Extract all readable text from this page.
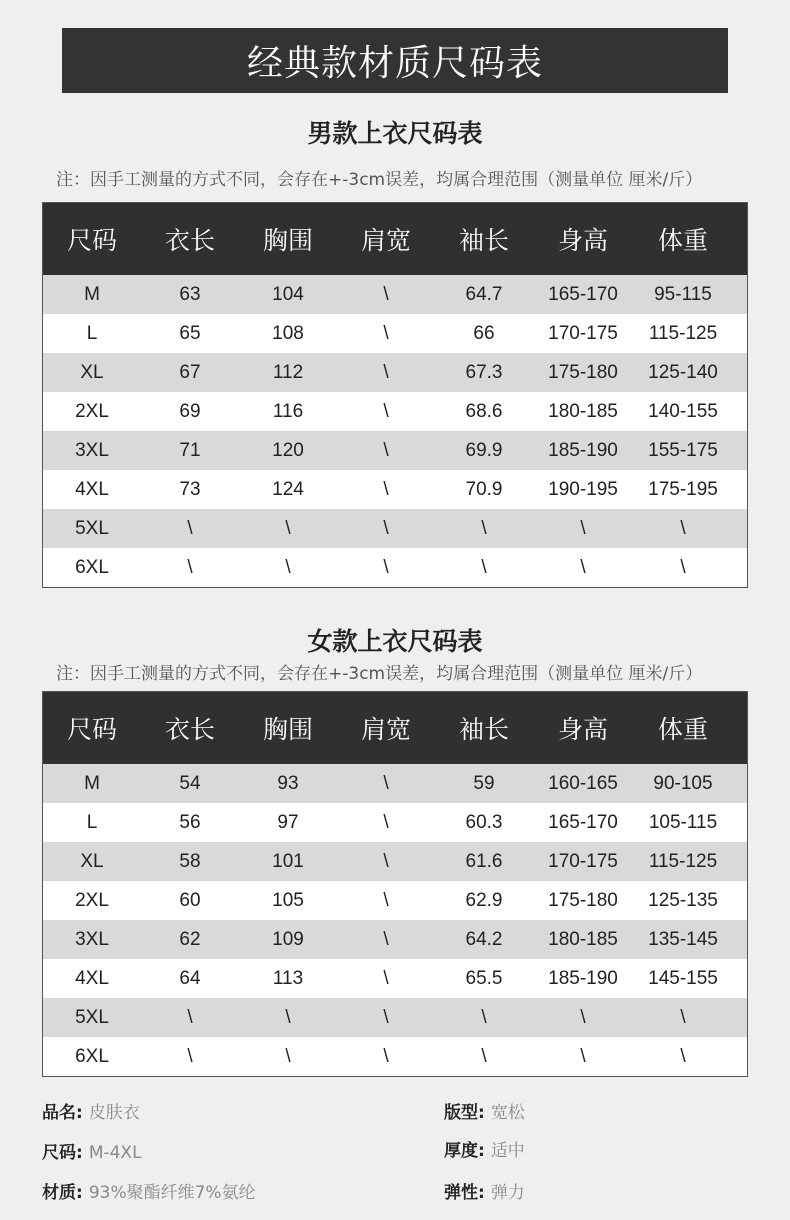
经典款材质尺码表
男款上衣尺码表
注：因手工测量的方式不同，会存在+-3cm误差，均属合理范围（测量单位 厘米/斤）
尺码	衣长	胸围	肩宽	袖长	身高	体重
M	63	104	\	64.7	165-170	95-115
L	65	108	\	66	170-175	115-125
XL	67	112	\	67.3	175-180	125-140
2XL	69	116	\	68.6	180-185	140-155
3XL	71	120	\	69.9	185-190	155-175
4XL	73	124	\	70.9	190-195	175-195
5XL	\	\	\	\	\	\
6XL	\	\	\	\	\	\
女款上衣尺码表
注：因手工测量的方式不同，会存在+-3cm误差，均属合理范围（测量单位 厘米/斤）
尺码	衣长	胸围	肩宽	袖长	身高	体重
M	54	93	\	59	160-165	90-105
L	56	97	\	60.3	165-170	105-115
XL	58	101	\	61.6	170-175	115-125
2XL	60	105	\	62.9	175-180	125-135
3XL	62	109	\	64.2	180-185	135-145
4XL	64	113	\	65.5	185-190	145-155
5XL	\	\	\	\	\	\
6XL	\	\	\	\	\	\
品名: 皮肤衣	版型: 宽松
尺码: M-4XL	厚度: 适中
材质: 93%聚酯纤维7%氨纶	弹性: 弹力
